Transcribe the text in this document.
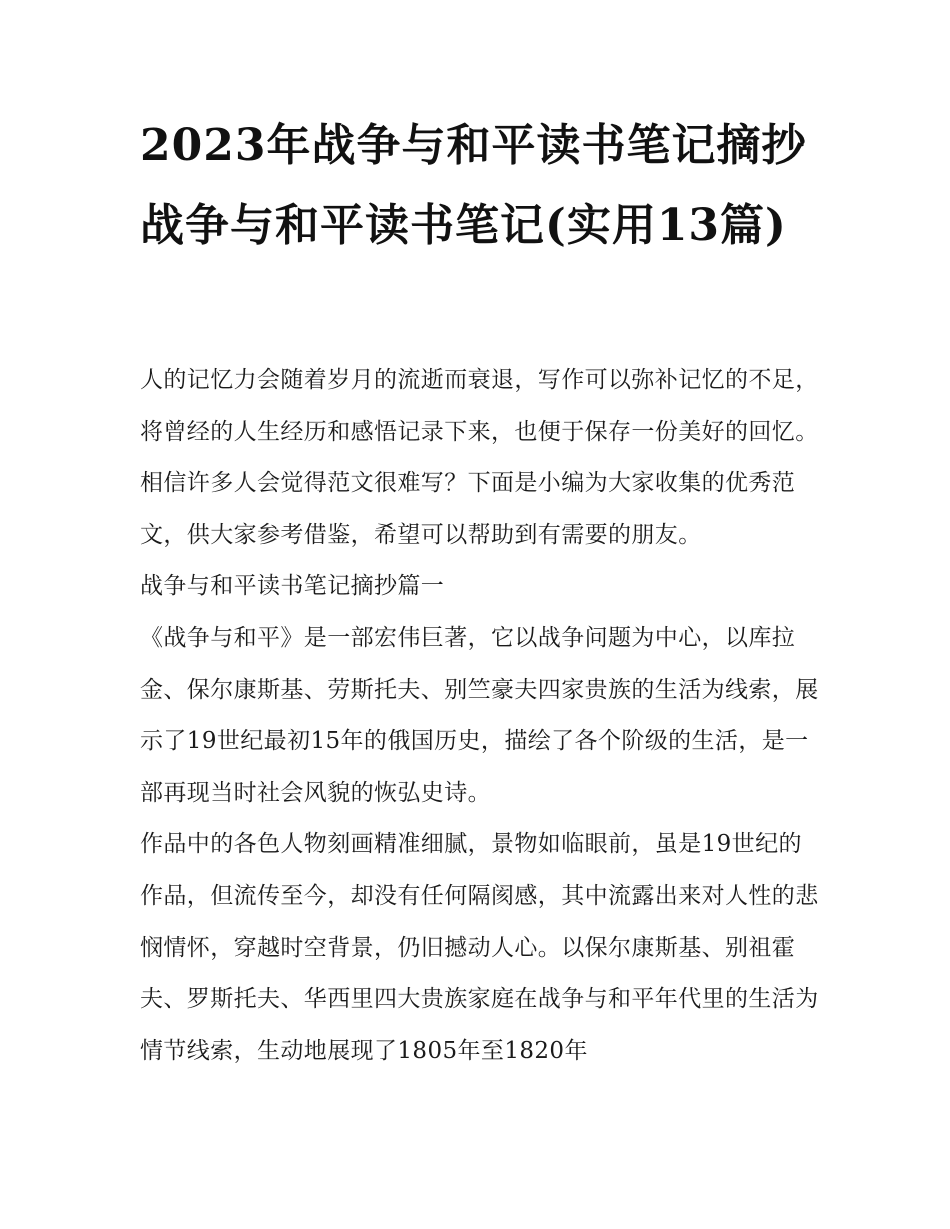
2023年战争与和平读书笔记摘抄 战争与和平读书笔记(实用13篇)

人的记忆力会随着岁月的流逝而衰退，写作可以弥补记忆的不足，将曾经的人生经历和感悟记录下来，也便于保存一份美好的回忆。相信许多人会觉得范文很难写？下面是小编为大家收集的优秀范文，供大家参考借鉴，希望可以帮助到有需要的朋友。

战争与和平读书笔记摘抄篇一

《战争与和平》是一部宏伟巨著，它以战争问题为中心，以库拉金、保尔康斯基、劳斯托夫、别竺豪夫四家贵族的生活为线索，展示了19世纪最初15年的俄国历史，描绘了各个阶级的生活，是一部再现当时社会风貌的恢弘史诗。

作品中的各色人物刻画精准细腻，景物如临眼前，虽是19世纪的作品，但流传至今，却没有任何隔阂感，其中流露出来对人性的悲悯情怀，穿越时空背景，仍旧撼动人心。以保尔康斯基、别祖霍夫、罗斯托夫、华西里四大贵族家庭在战争与和平年代里的生活为情节线索，生动地展现了1805年至1820年
